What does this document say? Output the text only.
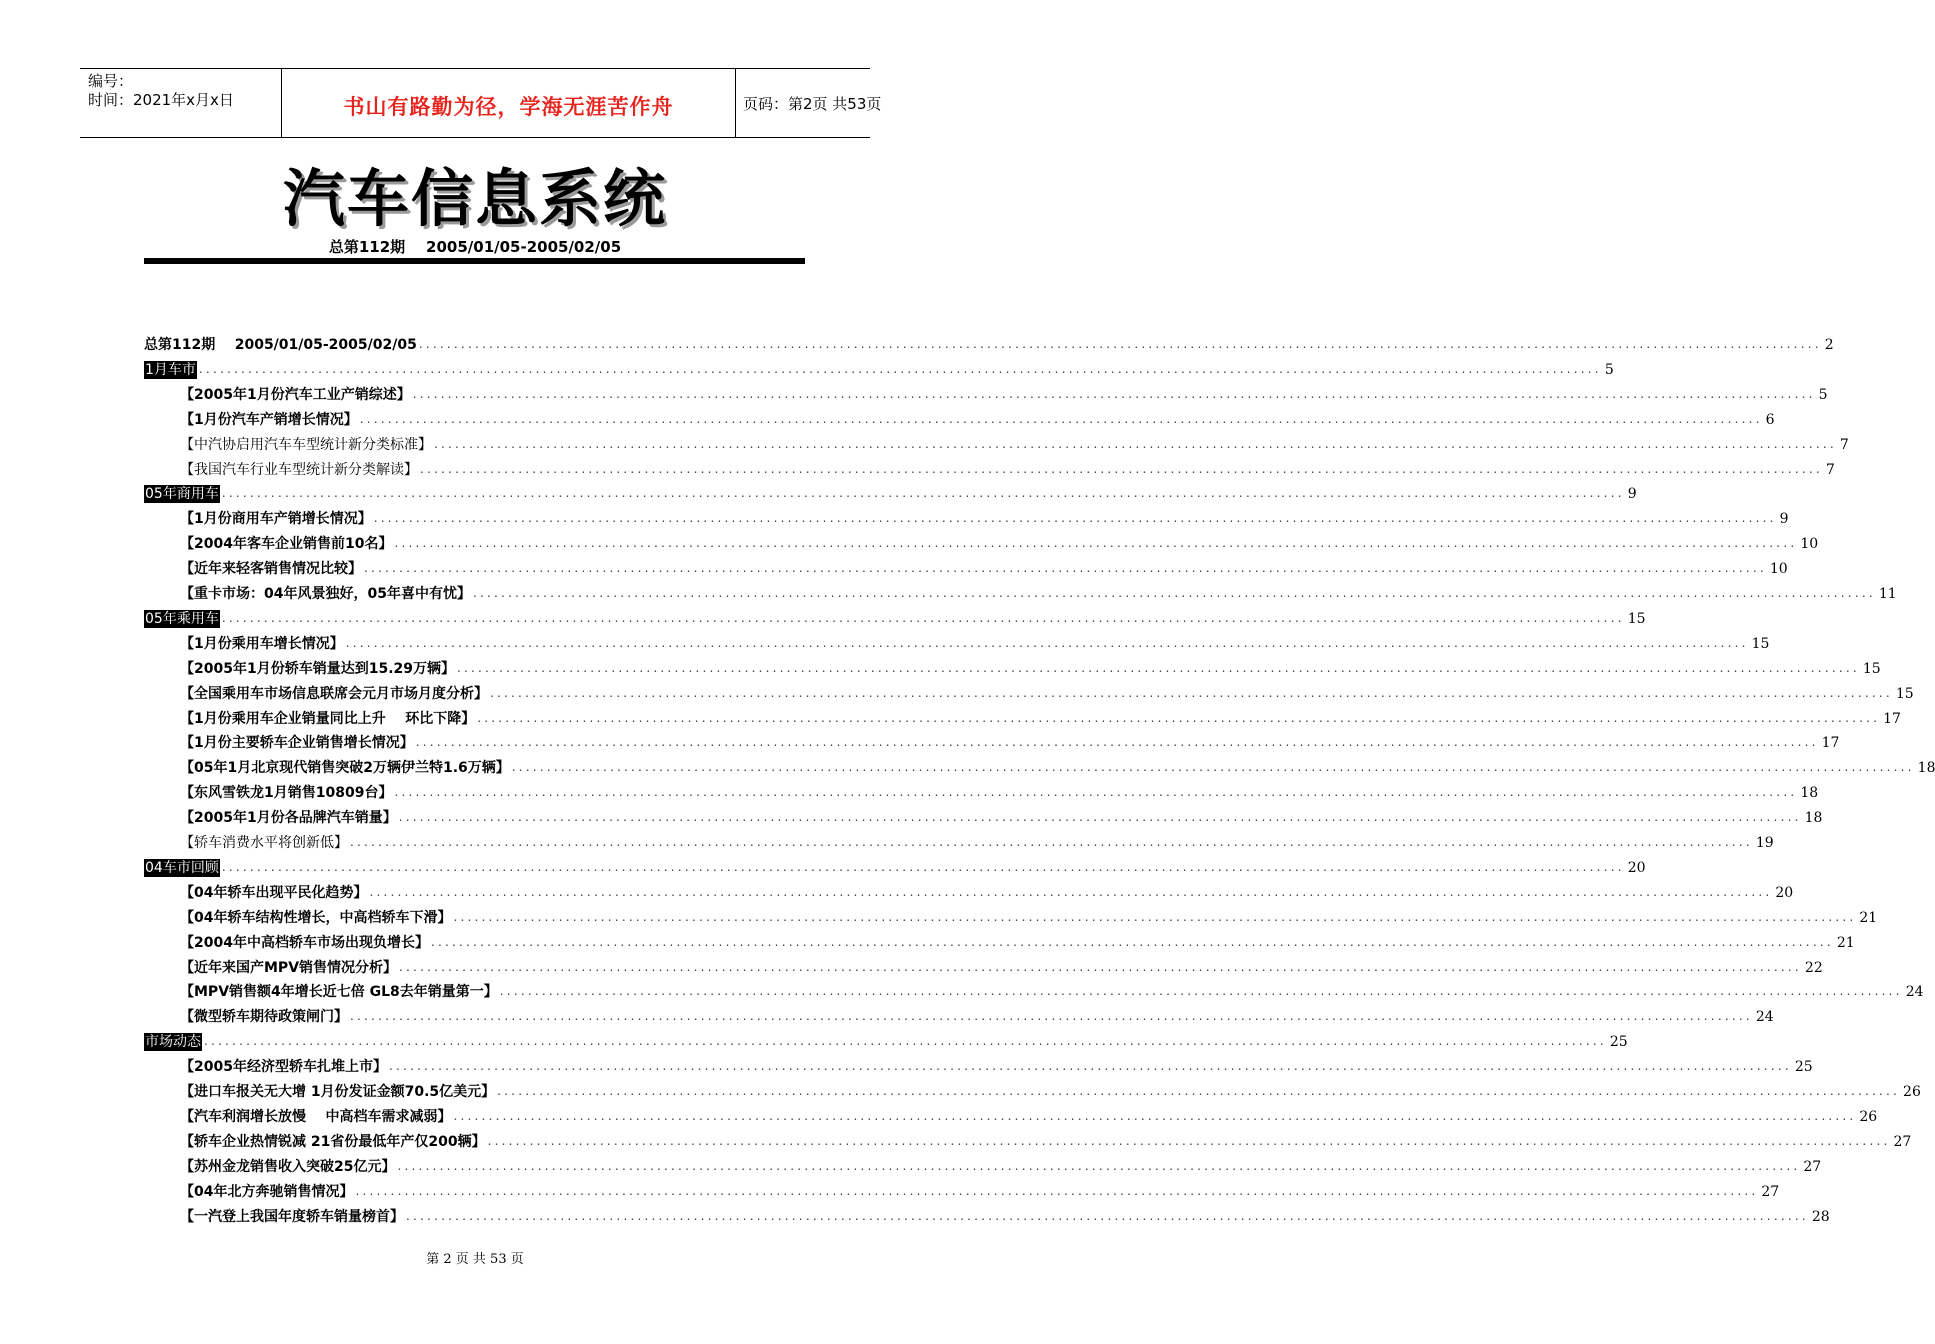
编号：
时间：2021年x月x日	书山有路勤为径，学海无涯苦作舟	页码：第2页 共53页
汽车信息系统
总第112期    2005/01/05-2005/02/05
总第112期    2005/01/05-2005/02/05 ........................................................................................................................................................................................................ 2
1月车市 ........................................................................................................................................................................................................ 5
【2005年1月份汽车工业产销综述】 ........................................................................................................................................................................................................ 5
【1月份汽车产销增长情况】 ........................................................................................................................................................................................................ 6
【中汽协启用汽车车型统计新分类标准】 ........................................................................................................................................................................................................ 7
【我国汽车行业车型统计新分类解读】 ........................................................................................................................................................................................................ 7
05年商用车 ........................................................................................................................................................................................................ 9
【1月份商用车产销增长情况】 ........................................................................................................................................................................................................ 9
【2004年客车企业销售前10名】 ........................................................................................................................................................................................................ 10
【近年来轻客销售情况比较】 ........................................................................................................................................................................................................ 10
【重卡市场：04年风景独好，05年喜中有忧】 ........................................................................................................................................................................................................ 11
05年乘用车 ........................................................................................................................................................................................................ 15
【1月份乘用车增长情况】 ........................................................................................................................................................................................................ 15
【2005年1月份轿车销量达到15.29万辆】 ........................................................................................................................................................................................................ 15
【全国乘用车市场信息联席会元月市场月度分析】 ........................................................................................................................................................................................................ 15
【1月份乘用车企业销量同比上升    环比下降】 ........................................................................................................................................................................................................ 17
【1月份主要轿车企业销售增长情况】 ........................................................................................................................................................................................................ 17
【05年1月北京现代销售突破2万辆伊兰特1.6万辆】 ........................................................................................................................................................................................................ 18
【东风雪铁龙1月销售10809台】 ........................................................................................................................................................................................................ 18
【2005年1月份各品牌汽车销量】 ........................................................................................................................................................................................................ 18
【轿车消费水平将创新低】 ........................................................................................................................................................................................................ 19
04车市回顾 ........................................................................................................................................................................................................ 20
【04年轿车出现平民化趋势】 ........................................................................................................................................................................................................ 20
【04年轿车结构性增长，中高档轿车下滑】 ........................................................................................................................................................................................................ 21
【2004年中高档轿车市场出现负增长】 ........................................................................................................................................................................................................ 21
【近年来国产MPV销售情况分析】 ........................................................................................................................................................................................................ 22
【MPV销售额4年增长近七倍 GL8去年销量第一】 ........................................................................................................................................................................................................ 24
【微型轿车期待政策闸门】 ........................................................................................................................................................................................................ 24
市场动态 ........................................................................................................................................................................................................ 25
【2005年经济型轿车扎堆上市】 ........................................................................................................................................................................................................ 25
【进口车报关无大增 1月份发证金额70.5亿美元】 ........................................................................................................................................................................................................ 26
【汽车利润增长放慢    中高档车需求减弱】 ........................................................................................................................................................................................................ 26
【轿车企业热情锐减 21省份最低年产仅200辆】 ........................................................................................................................................................................................................ 27
【苏州金龙销售收入突破25亿元】 ........................................................................................................................................................................................................ 27
【04年北方奔驰销售情况】 ........................................................................................................................................................................................................ 27
【一汽登上我国年度轿车销量榜首】 ........................................................................................................................................................................................................ 28
第 2 页 共 53 页
